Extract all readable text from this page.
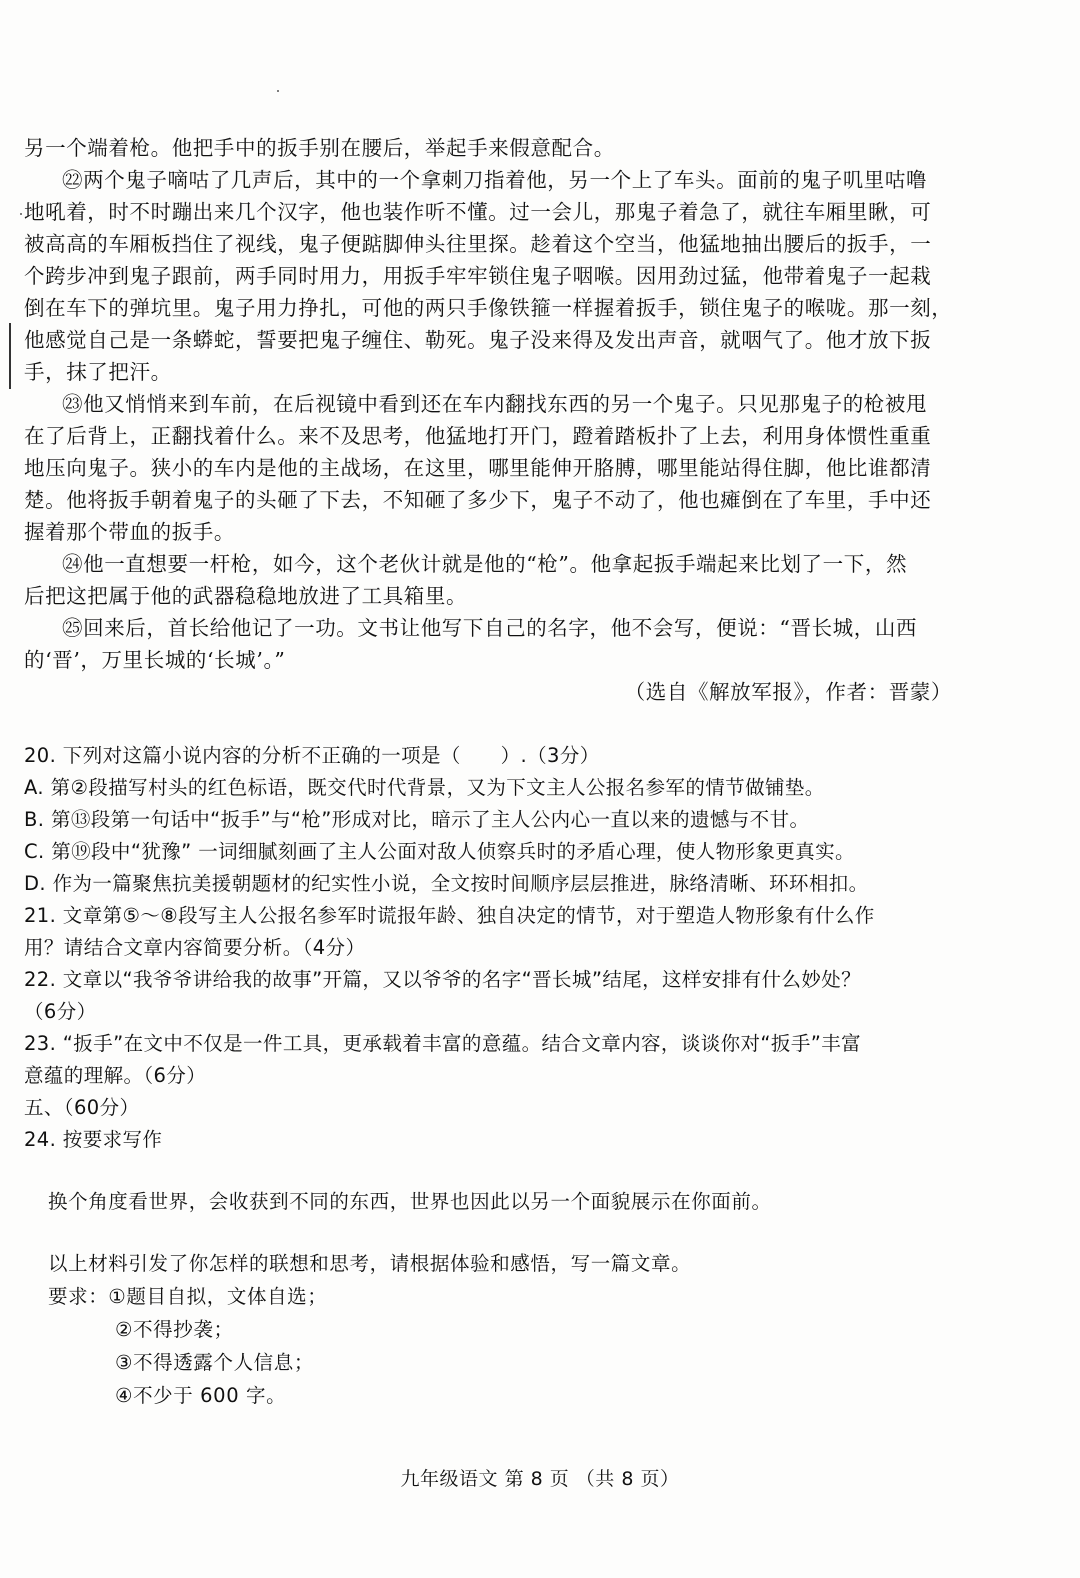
另一个端着枪。他把手中的扳手别在腰后，举起手来假意配合。
㉒两个鬼子嘀咕了几声后，其中的一个拿刺刀指着他，另一个上了车头。面前的鬼子叽里咕噜
地吼着，时不时蹦出来几个汉字，他也装作听不懂。过一会儿，那鬼子着急了，就往车厢里瞅，可
被高高的车厢板挡住了视线，鬼子便踮脚伸头往里探。趁着这个空当，他猛地抽出腰后的扳手，一
个跨步冲到鬼子跟前，两手同时用力，用扳手牢牢锁住鬼子咽喉。因用劲过猛，他带着鬼子一起栽
倒在车下的弹坑里。鬼子用力挣扎，可他的两只手像铁箍一样握着扳手，锁住鬼子的喉咙。那一刻，
他感觉自己是一条蟒蛇，誓要把鬼子缠住、勒死。鬼子没来得及发出声音，就咽气了。他才放下扳
手，抹了把汗。
㉓他又悄悄来到车前，在后视镜中看到还在车内翻找东西的另一个鬼子。只见那鬼子的枪被甩
在了后背上，正翻找着什么。来不及思考，他猛地打开门，蹬着踏板扑了上去，利用身体惯性重重
地压向鬼子。狭小的车内是他的主战场，在这里，哪里能伸开胳膊，哪里能站得住脚，他比谁都清
楚。他将扳手朝着鬼子的头砸了下去，不知砸了多少下，鬼子不动了，他也瘫倒在了车里，手中还
握着那个带血的扳手。
㉔他一直想要一杆枪，如今，这个老伙计就是他的“枪”。他拿起扳手端起来比划了一下，然
后把这把属于他的武器稳稳地放进了工具箱里。
㉕回来后，首长给他记了一功。文书让他写下自己的名字，他不会写，便说：“晋长城，山西
的‘晋’，万里长城的‘长城’。”
（选自《解放军报》，作者：晋蒙）
20. 下列对这篇小说内容的分析不正确的一项是（　　）.（3分）
A. 第②段描写村头的红色标语，既交代时代背景，又为下文主人公报名参军的情节做铺垫。
B. 第⑬段第一句话中“扳手”与“枪”形成对比，暗示了主人公内心一直以来的遗憾与不甘。
C. 第⑲段中“犹豫” 一词细腻刻画了主人公面对敌人侦察兵时的矛盾心理，使人物形象更真实。
D. 作为一篇聚焦抗美援朝题材的纪实性小说，全文按时间顺序层层推进，脉络清晰、环环相扣。
21. 文章第⑤～⑧段写主人公报名参军时谎报年龄、独自决定的情节，对于塑造人物形象有什么作
用？请结合文章内容简要分析。（4分）
22. 文章以“我爷爷讲给我的故事”开篇，又以爷爷的名字“晋长城”结尾，这样安排有什么妙处？
（6分）
23. “扳手”在文中不仅是一件工具，更承载着丰富的意蕴。结合文章内容，谈谈你对“扳手”丰富
意蕴的理解。（6分）
五、（60分）
24. 按要求写作
换个角度看世界，会收获到不同的东西，世界也因此以另一个面貌展示在你面前。
以上材料引发了你怎样的联想和思考，请根据体验和感悟，写一篇文章。
要求：①题目自拟，文体自选；
②不得抄袭；
③不得透露个人信息；
④不少于 600 字。
九年级语文 第 8 页 （共 8 页）
